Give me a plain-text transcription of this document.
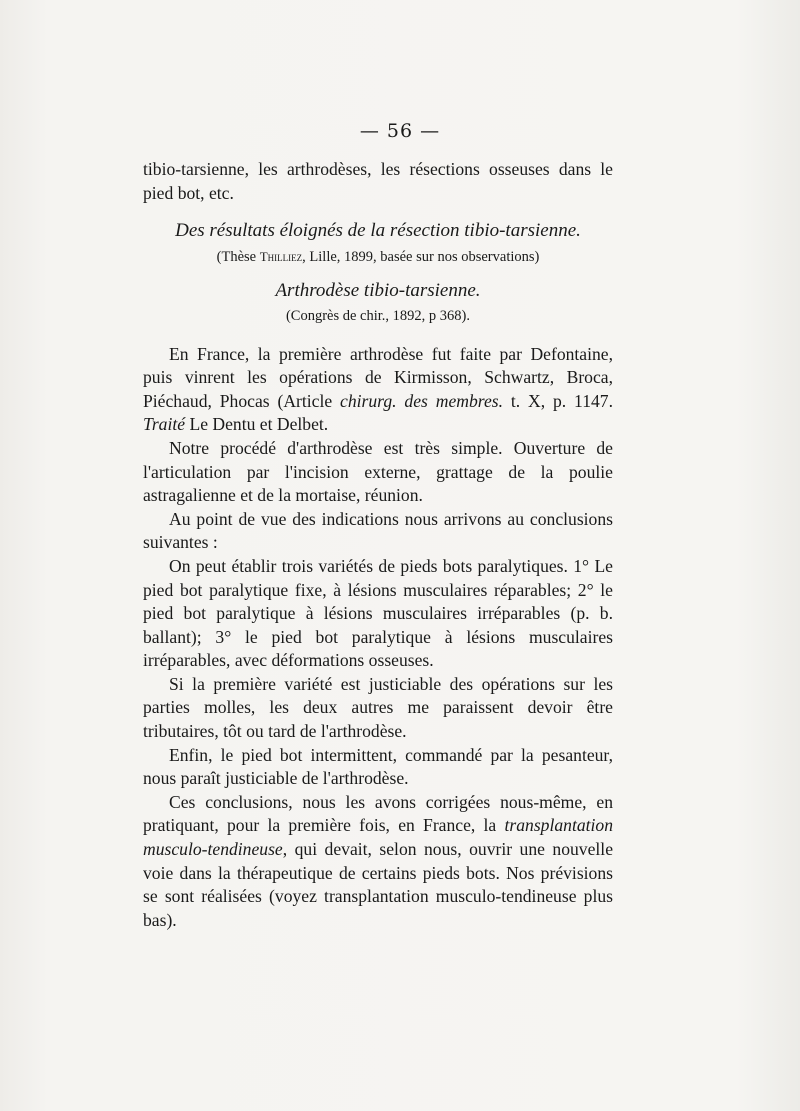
— 56 —

tibio-tarsienne, les arthrodèses, les résections osseuses dans le pied bot, etc.

Des résultats éloignés de la résection tibio-tarsienne.

(Thèse Thilliez, Lille, 1899, basée sur nos observations)

Arthrodèse tibio-tarsienne.

(Congrès de chir., 1892, p 368).

En France, la première arthrodèse fut faite par Defontaine, puis vinrent les opérations de Kirmisson, Schwartz, Broca, Piéchaud, Phocas (Article chirurg. des membres. t. X, p. 1147. Traité Le Dentu et Delbet.

Notre procédé d'arthrodèse est très simple. Ouverture de l'articulation par l'incision externe, grattage de la poulie astragalienne et de la mortaise, réunion.

Au point de vue des indications nous arrivons au conclusions suivantes :

On peut établir trois variétés de pieds bots paralytiques. 1° Le pied bot paralytique fixe, à lésions musculaires réparables; 2° le pied bot paralytique à lésions musculaires irréparables (p. b. ballant); 3° le pied bot paralytique à lésions musculaires irréparables, avec déformations osseuses.

Si la première variété est justiciable des opérations sur les parties molles, les deux autres me paraissent devoir être tributaires, tôt ou tard de l'arthrodèse.

Enfin, le pied bot intermittent, commandé par la pesanteur, nous paraît justiciable de l'arthrodèse.

Ces conclusions, nous les avons corrigées nous-même, en pratiquant, pour la première fois, en France, la transplantation musculo-tendineuse, qui devait, selon nous, ouvrir une nouvelle voie dans la thérapeutique de certains pieds bots. Nos prévisions se sont réalisées (voyez transplantation musculo-tendineuse plus bas).
